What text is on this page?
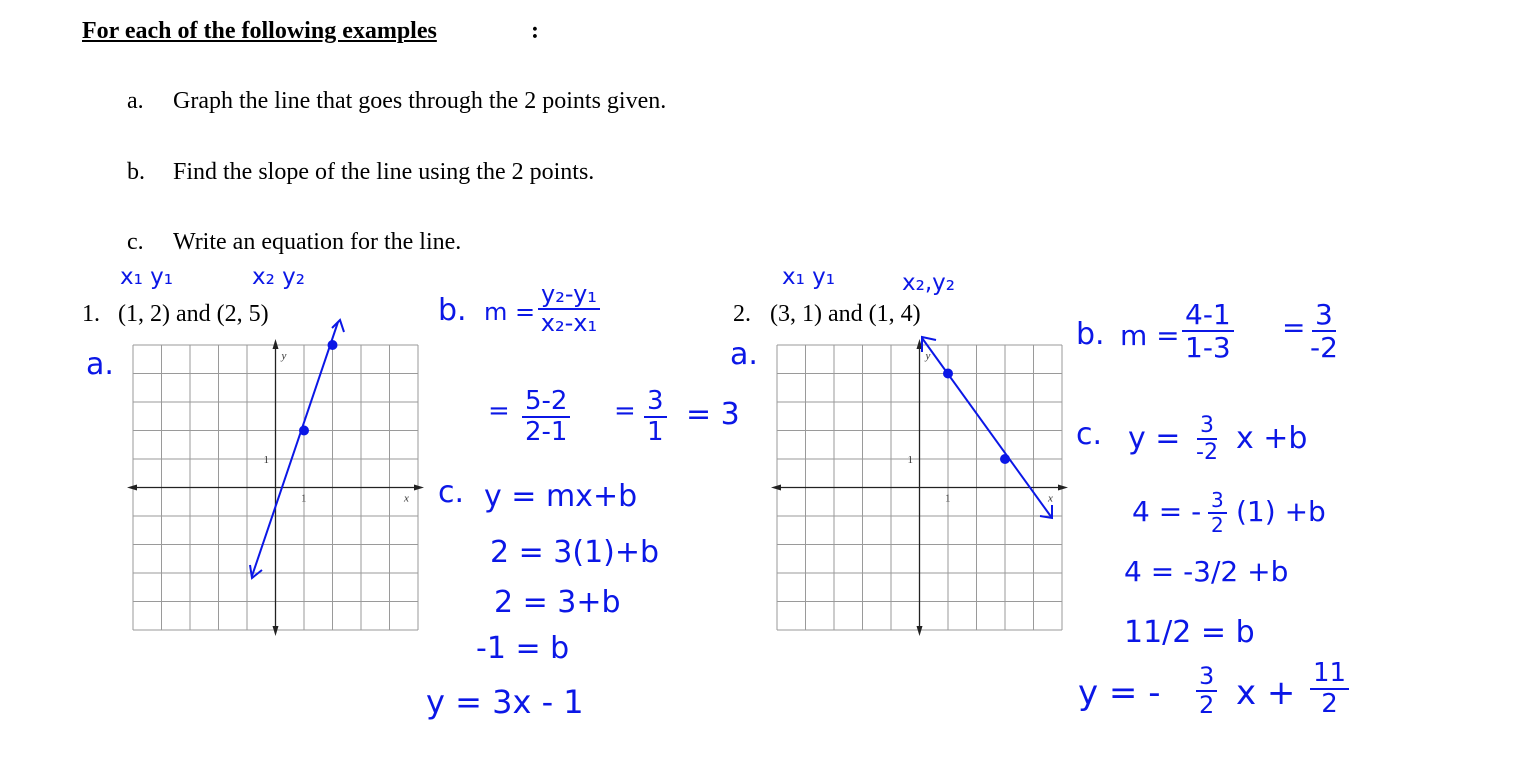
For each of the following examples	:
a. Graph the line that goes through the 2 points given.
b. Find the slope of the line using the 2 points.
c. Write an equation for the line.
x₁ y₁	x₂ y₂
1. (1, 2) and (2, 5)
a.
1
1
x
y
b. $m = \frac{\text{y₂-y₁}}{\text{x₂-x₁}}$
= $\frac{5-2}{2-1} = \frac{3}{1} = 3$
c. y = mx+b
2 = 3(1)+b
2 = 3+b
-1 = b
y = 3x - 1
x₁ y₁	x₂,y₂
2. (3, 1) and (1, 4)
a.
1
1
x
y
b. $m = \frac{4-1}{1-3} = \frac{3}{-2}$
c. $y = \frac{3}{-2}$ x +b
4 = - $\frac{3}{2} (1) +b$
4 = -3/2 +b
11/2 = b
y = - $\frac{3}{2}$ $x + \frac{11}{2}$
